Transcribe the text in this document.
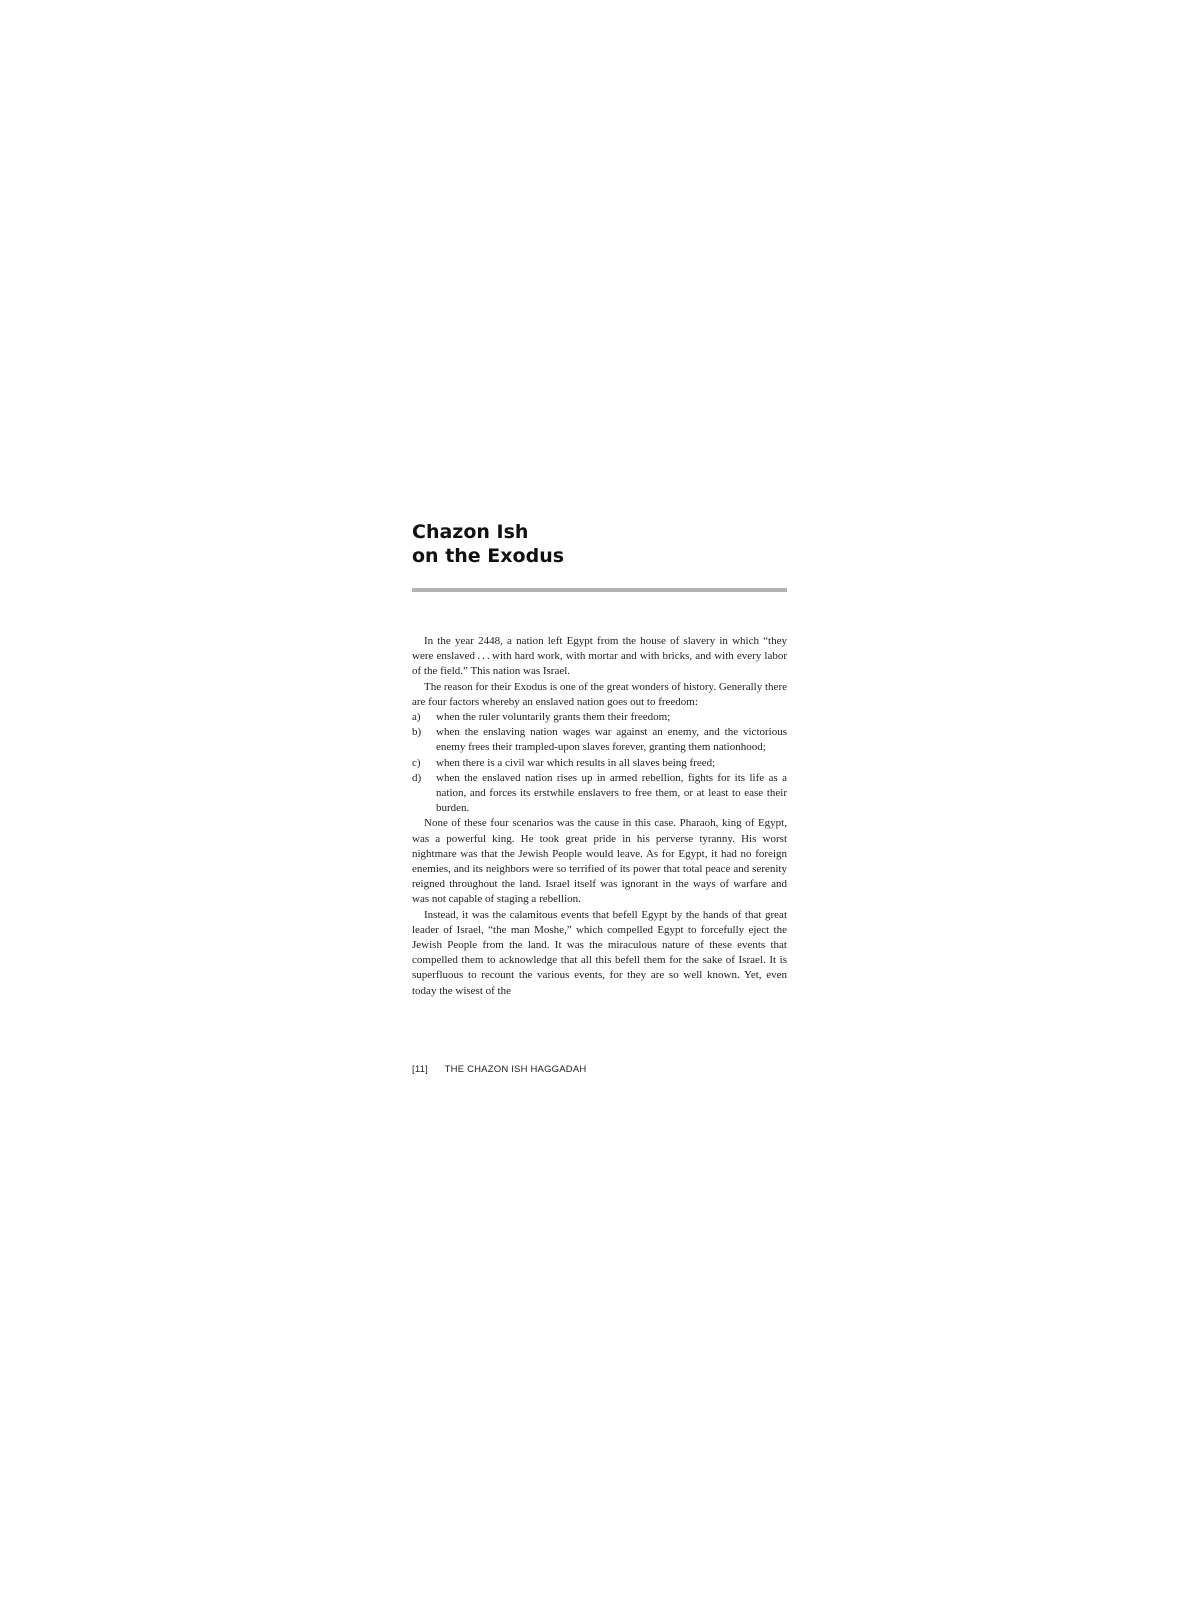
Chazon Ish
on the Exodus

In the year 2448, a nation left Egypt from the house of slavery in which “they were enslaved . . . with hard work, with mortar and with bricks, and with every labor of the field.” This nation was Israel.

The reason for their Exodus is one of the great wonders of history. Generally there are four factors whereby an enslaved nation goes out to freedom:

a) when the ruler voluntarily grants them their freedom;
b) when the enslaving nation wages war against an enemy, and the victorious enemy frees their trampled-upon slaves forever, granting them nationhood;
c) when there is a civil war which results in all slaves being freed;
d) when the enslaved nation rises up in armed rebellion, fights for its life as a nation, and forces its erstwhile enslavers to free them, or at least to ease their burden.

None of these four scenarios was the cause in this case. Pharaoh, king of Egypt, was a powerful king. He took great pride in his perverse tyranny. His worst nightmare was that the Jewish People would leave. As for Egypt, it had no foreign enemies, and its neighbors were so terrified of its power that total peace and serenity reigned throughout the land. Israel itself was ignorant in the ways of warfare and was not capable of staging a rebellion.

Instead, it was the calamitous events that befell Egypt by the hands of that great leader of Israel, “the man Moshe,” which compelled Egypt to forcefully eject the Jewish People from the land. It was the miraculous nature of these events that compelled them to acknowledge that all this befell them for the sake of Israel. It is superfluous to recount the various events, for they are so well known. Yet, even today the wisest of the

[11] THE CHAZON ISH HAGGADAH
